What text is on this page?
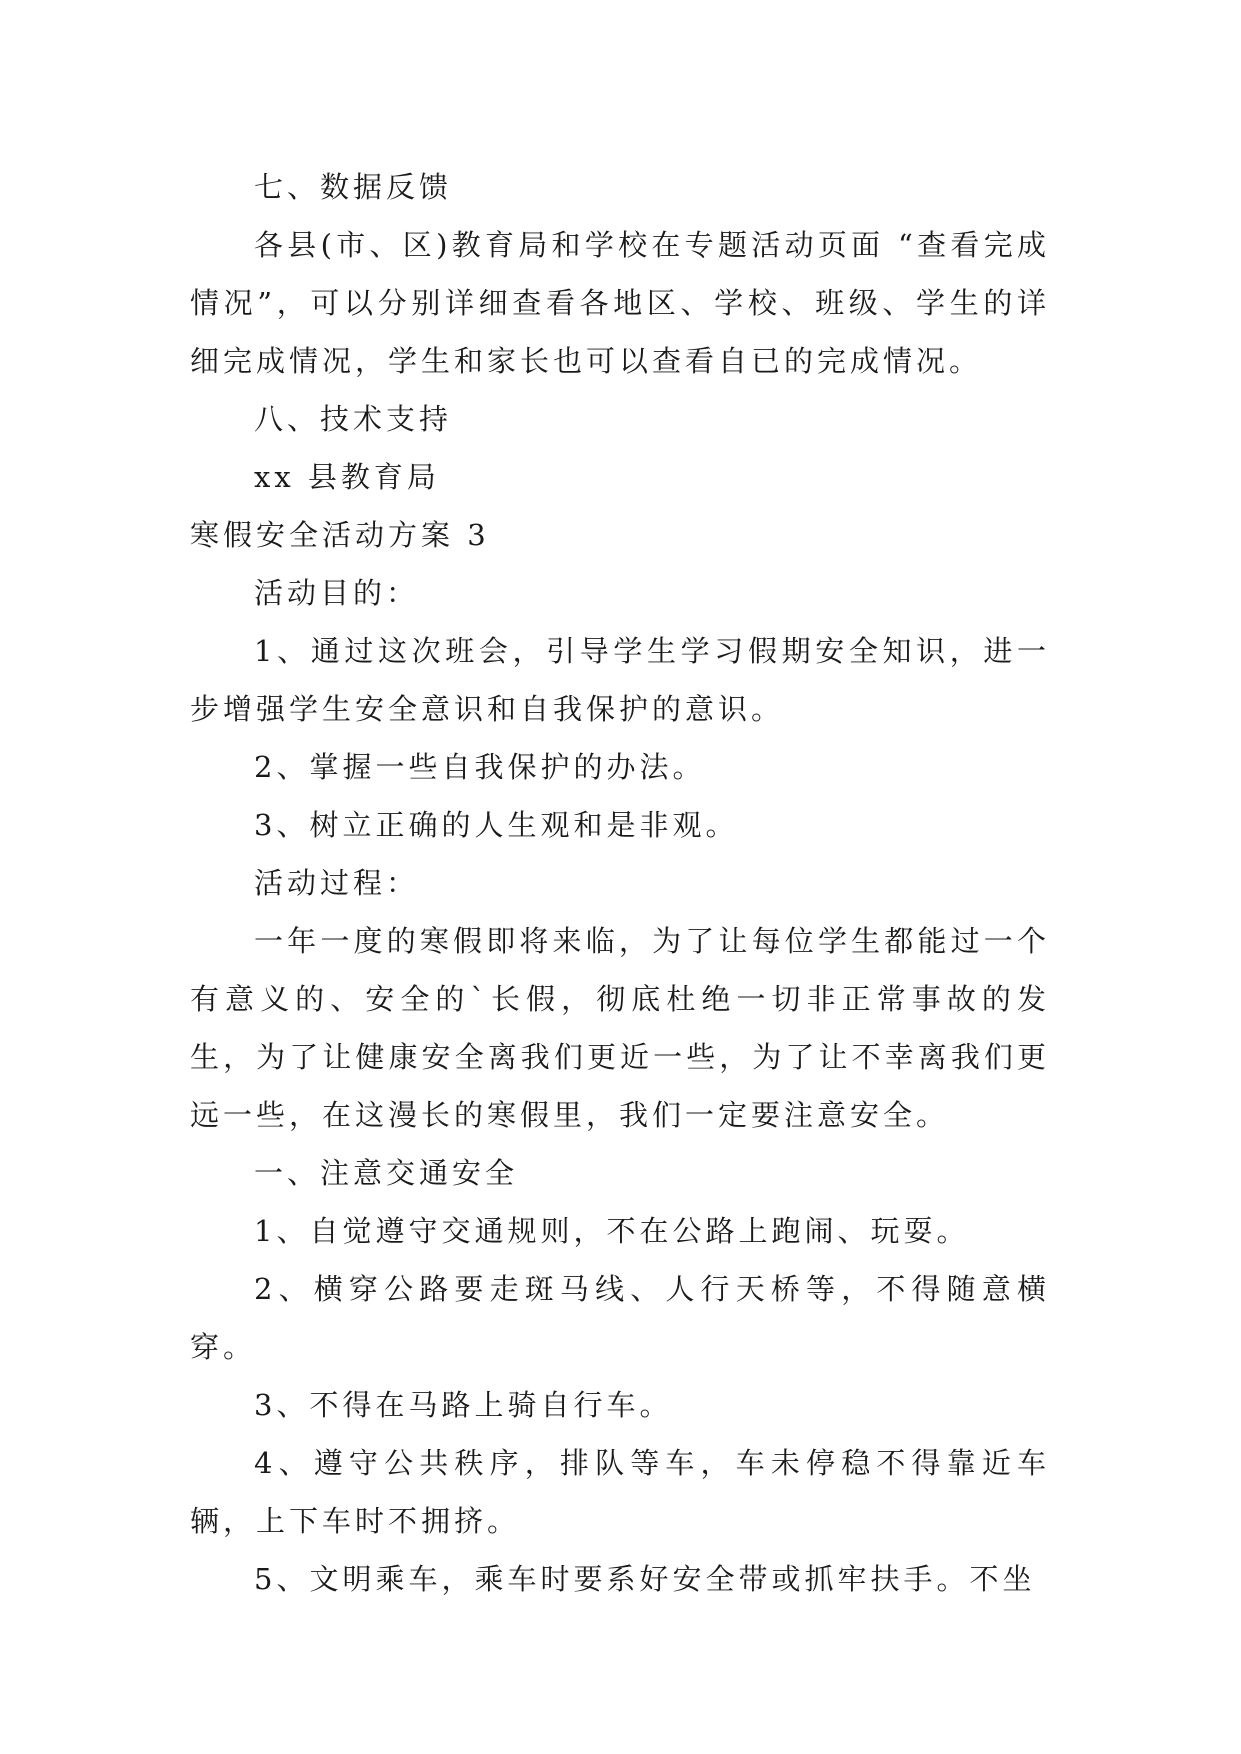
七、数据反馈

各县(市、区)教育局和学校在专题活动页面 “查看完成情况”，可以分别详细查看各地区、学校、班级、学生的详细完成情况，学生和家长也可以查看自已的完成情况。

八、技术支持

xx 县教育局

寒假安全活动方案 3

活动目的：

1、通过这次班会，引导学生学习假期安全知识，进一步增强学生安全意识和自我保护的意识。

2、掌握一些自我保护的办法。

3、树立正确的人生观和是非观。

活动过程：

一年一度的寒假即将来临，为了让每位学生都能过一个有意义的、安全的`长假，彻底杜绝一切非正常事故的发生，为了让健康安全离我们更近一些，为了让不幸离我们更远一些，在这漫长的寒假里，我们一定要注意安全。

一、注意交通安全

1、自觉遵守交通规则，不在公路上跑闹、玩耍。

2、横穿公路要走斑马线、人行天桥等，不得随意横穿。

3、不得在马路上骑自行车。

4、遵守公共秩序，排队等车，车未停稳不得靠近车辆，上下车时不拥挤。

5、文明乘车，乘车时要系好安全带或抓牢扶手。不坐
